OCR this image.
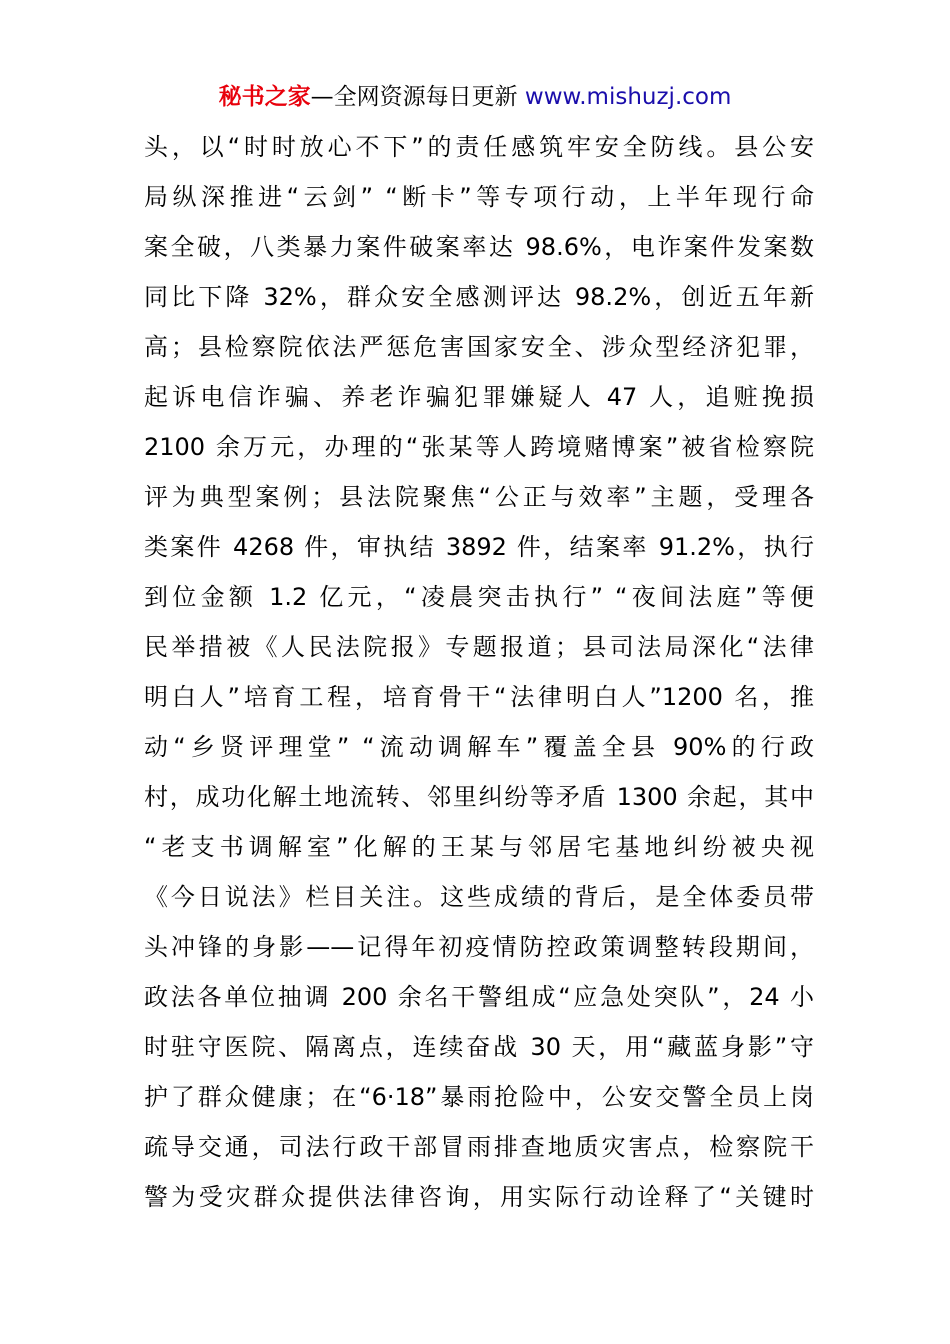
秘书之家—全网资源每日更新 www.mishuzj.com
头，以“时时放心不下”的责任感筑牢安全防线。县公安
局纵深推进“云剑” “断卡”等专项行动，上半年现行命
案全破，八类暴力案件破案率达 98.6%，电诈案件发案数
同比下降 32%，群众安全感测评达 98.2%，创近五年新
高；县检察院依法严惩危害国家安全、涉众型经济犯罪，
起诉电信诈骗、养老诈骗犯罪嫌疑人 47 人，追赃挽损
2100 余万元，办理的“张某等人跨境赌博案”被省检察院
评为典型案例；县法院聚焦“公正与效率”主题，受理各
类案件 4268 件，审执结 3892 件，结案率 91.2%，执行
到位金额 1.2 亿元，“凌晨突击执行” “夜间法庭”等便
民举措被《人民法院报》专题报道；县司法局深化“法律
明白人”培育工程，培育骨干“法律明白人”1200 名，推
动“乡贤评理堂” “流动调解车”覆盖全县 90%的行政
村，成功化解土地流转、邻里纠纷等矛盾 1300 余起，其中
“老支书调解室”化解的王某与邻居宅基地纠纷被央视
《今日说法》栏目关注。这些成绩的背后，是全体委员带
头冲锋的身影——记得年初疫情防控政策调整转段期间，
政法各单位抽调 200 余名干警组成“应急处突队”，24 小
时驻守医院、隔离点，连续奋战 30 天，用“藏蓝身影”守
护了群众健康；在“6·18”暴雨抢险中，公安交警全员上岗
疏导交通，司法行政干部冒雨排查地质灾害点，检察院干
警为受灾群众提供法律咨询，用实际行动诠释了“关键时
